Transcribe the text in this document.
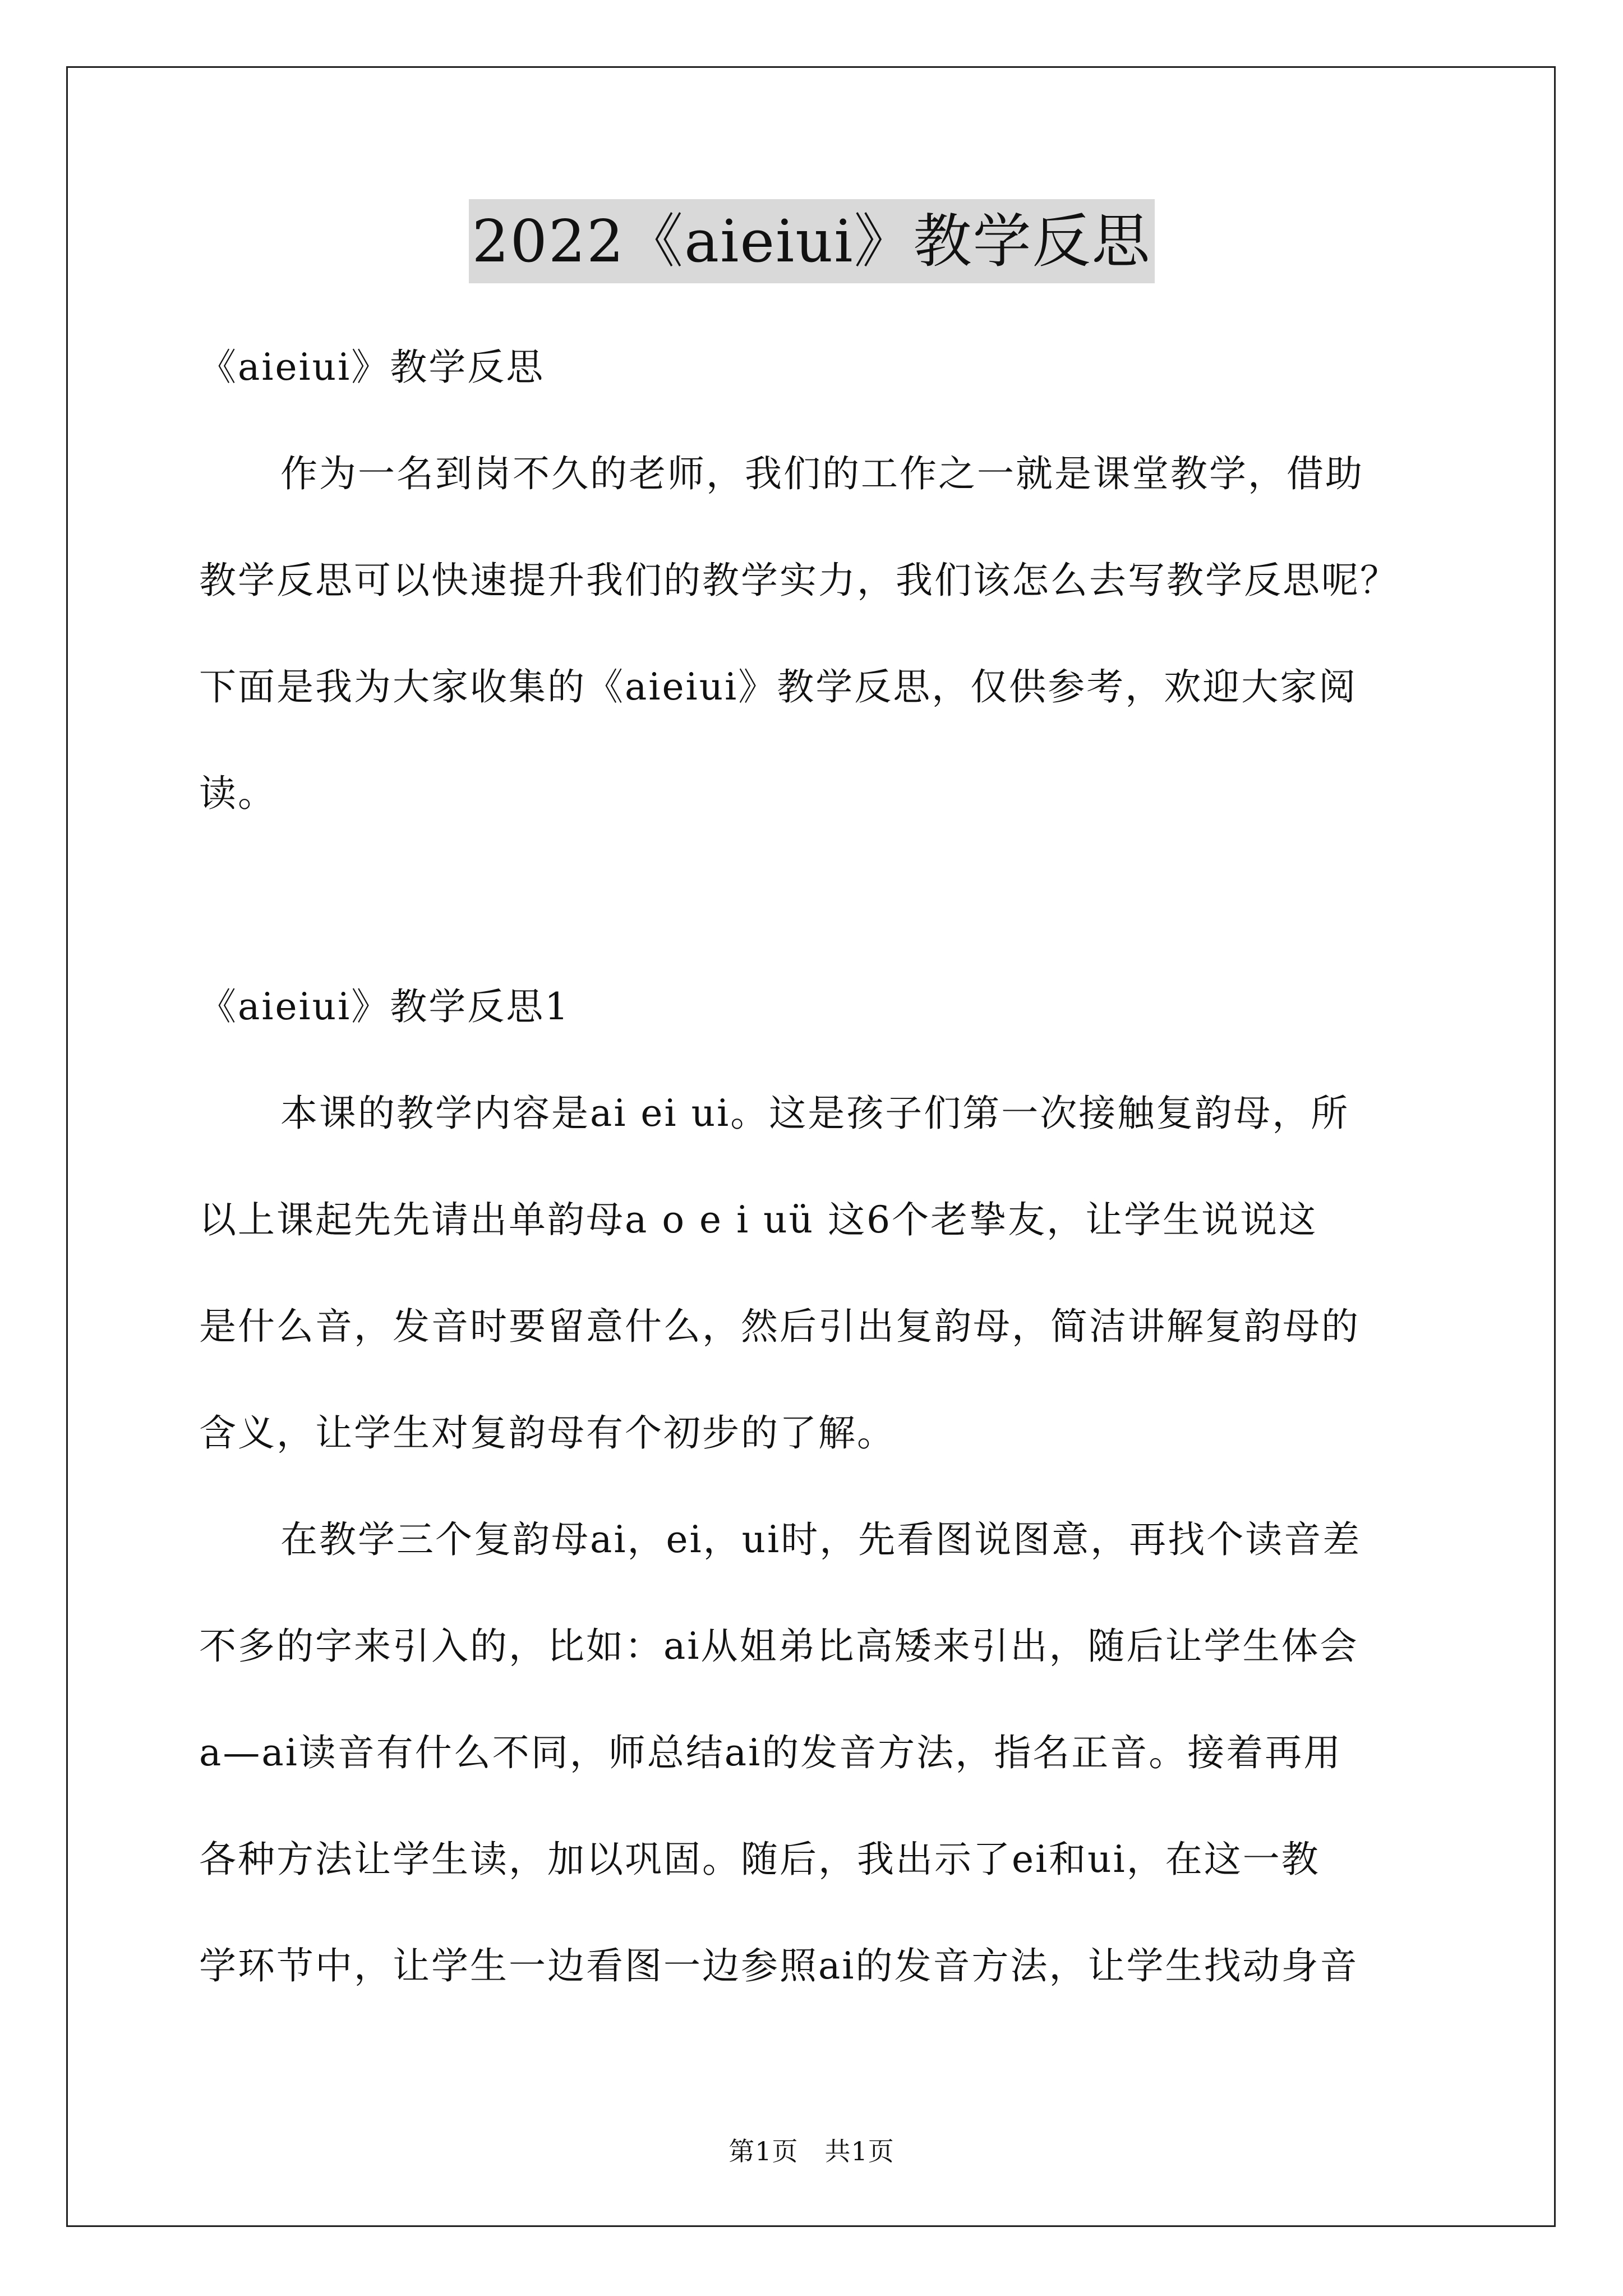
2022《aieiui》教学反思
《aieiui》教学反思
作为一名到岗不久的老师，我们的工作之一就是课堂教学，借助
教学反思可以快速提升我们的教学实力，我们该怎么去写教学反思呢？
下面是我为大家收集的《aieiui》教学反思，仅供参考，欢迎大家阅
读。
《aieiui》教学反思1
本课的教学内容是ai ei ui。这是孩子们第一次接触复韵母，所
以上课起先先请出单韵母a o e i uü 这6个老挚友，让学生说说这
是什么音，发音时要留意什么，然后引出复韵母，简洁讲解复韵母的
含义，让学生对复韵母有个初步的了解。
在教学三个复韵母ai，ei，ui时，先看图说图意，再找个读音差
不多的字来引入的，比如：ai从姐弟比高矮来引出，随后让学生体会
a—ai读音有什么不同，师总结ai的发音方法，指名正音。接着再用
各种方法让学生读，加以巩固。随后，我出示了ei和ui，在这一教
学环节中，让学生一边看图一边参照ai的发音方法，让学生找动身音
第1页　共1页
